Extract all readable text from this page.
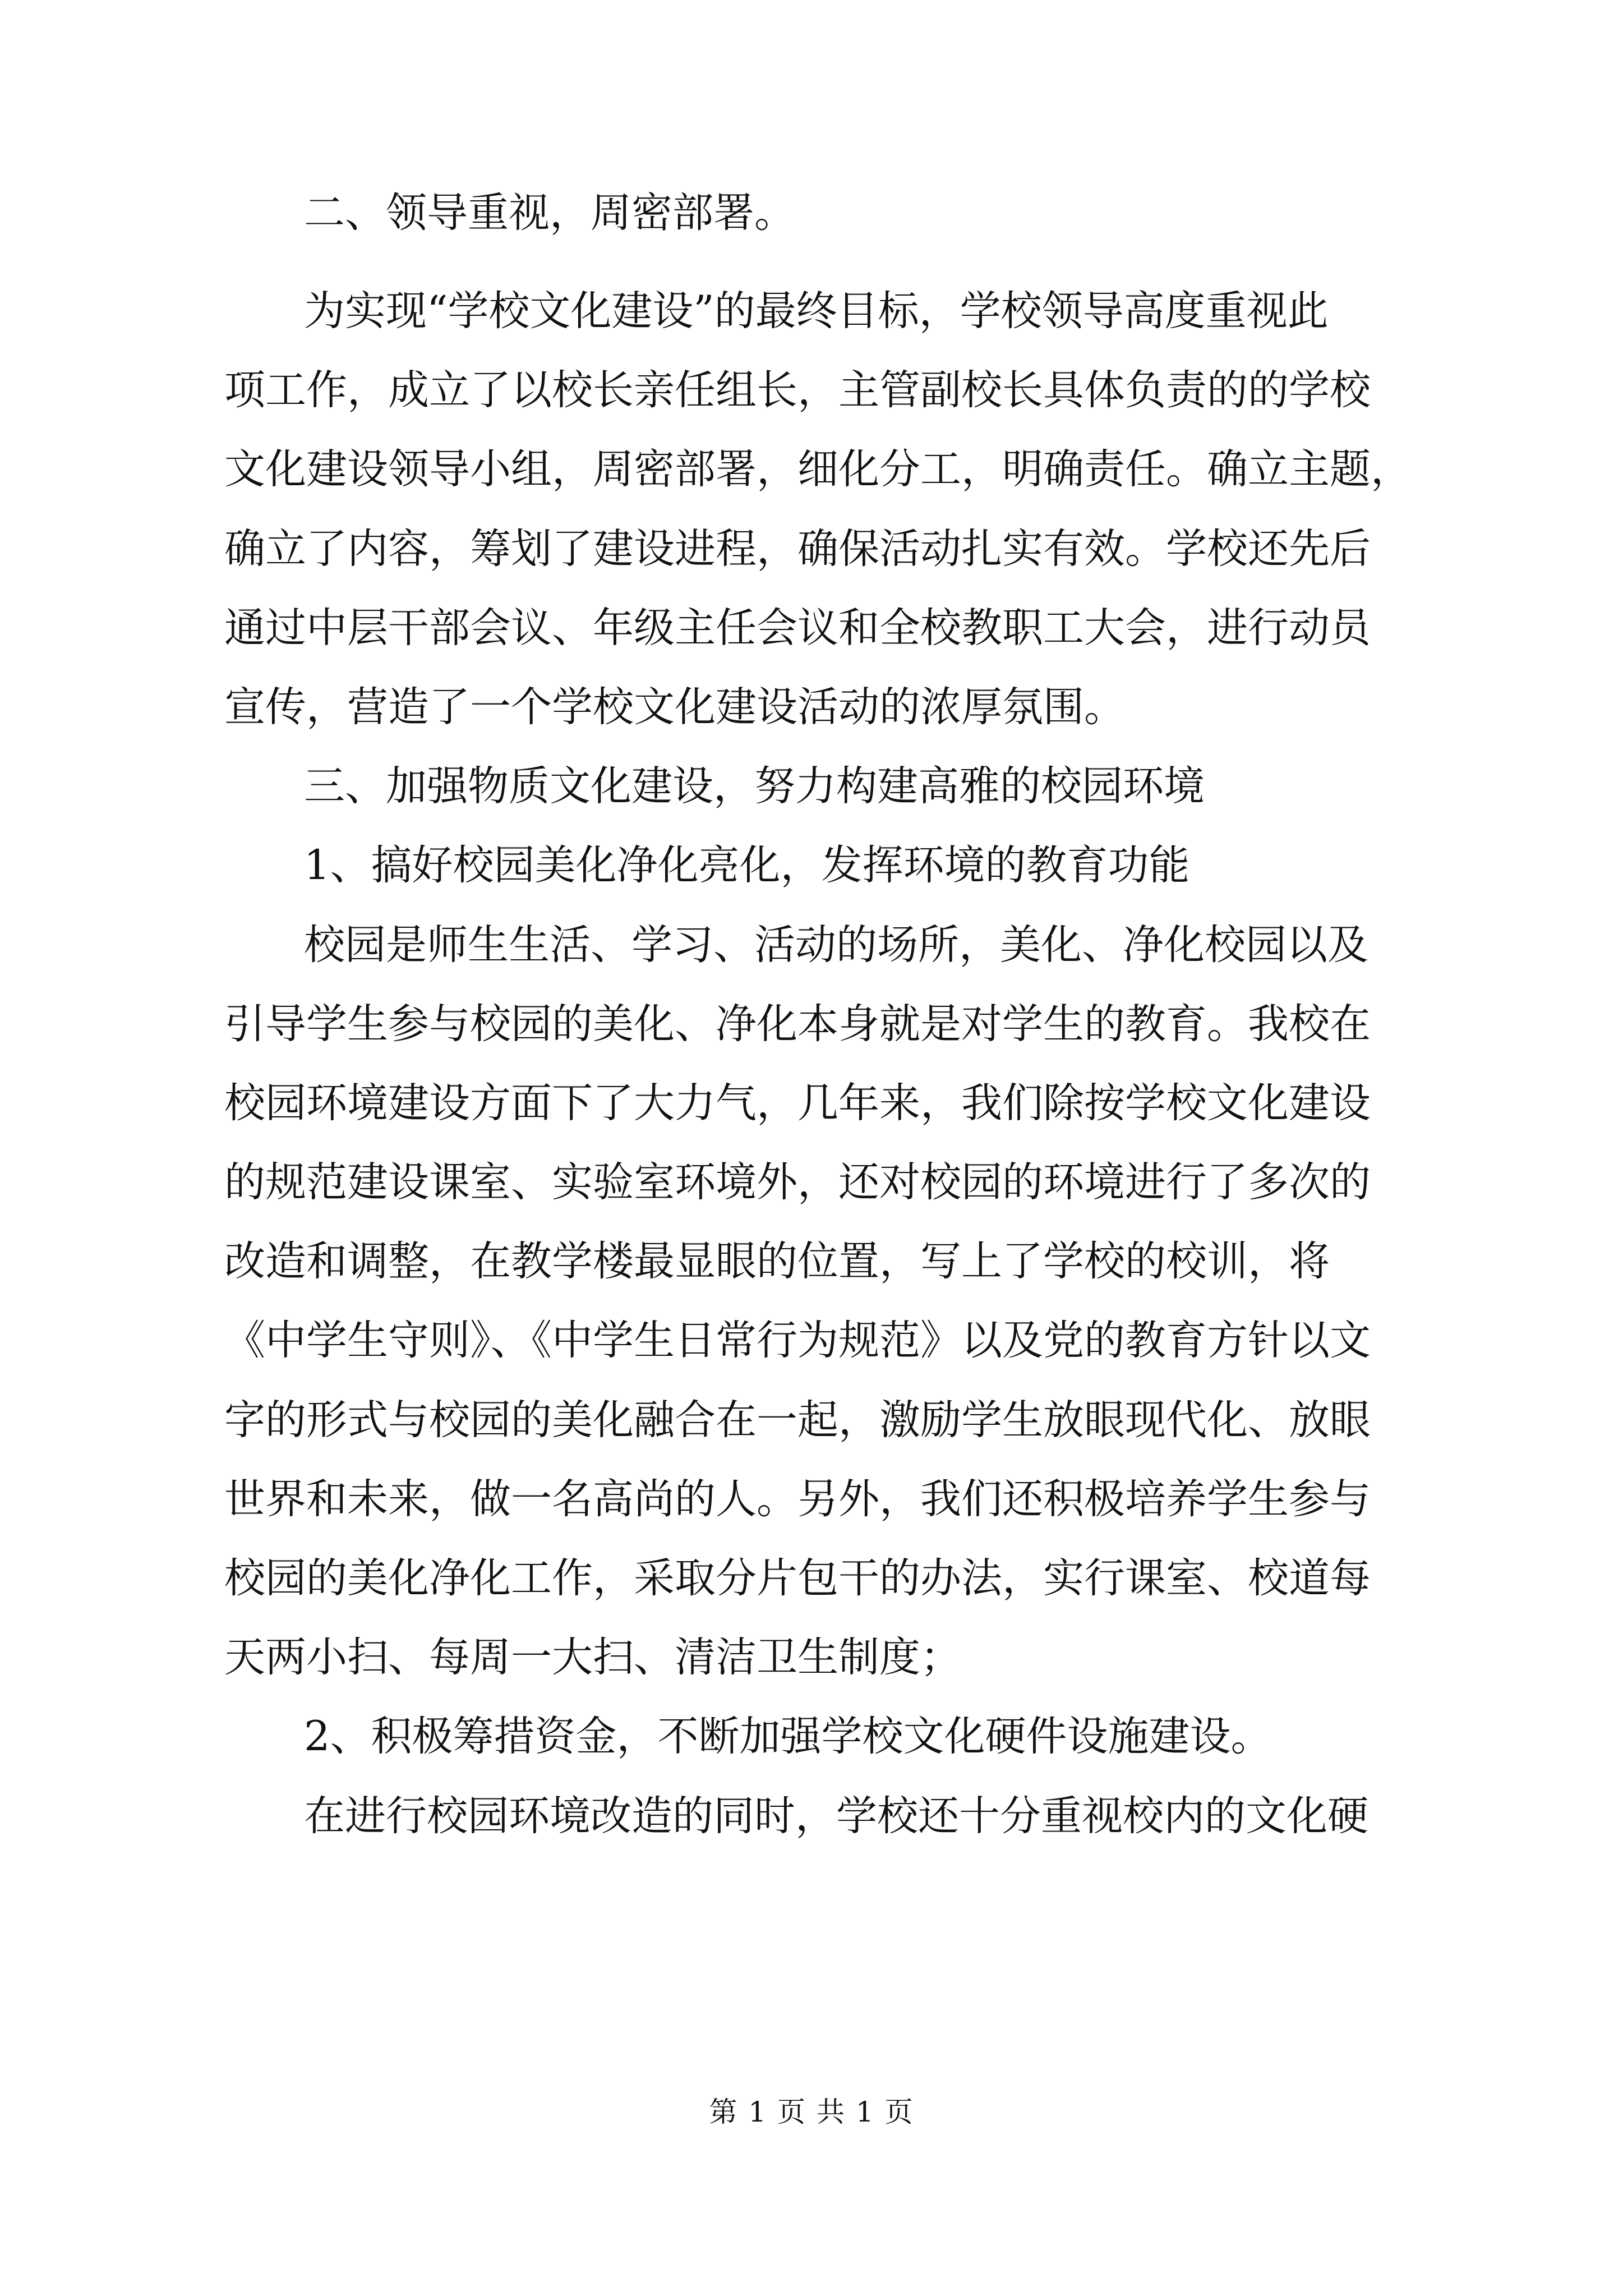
二、领导重视，周密部署。
为实现“学校文化建设”的最终目标，学校领导高度重视此
项工作，成立了以校长亲任组长，主管副校长具体负责的的学校
文化建设领导小组，周密部署，细化分工，明确责任。确立主题，
确立了内容，筹划了建设进程，确保活动扎实有效。学校还先后
通过中层干部会议、年级主任会议和全校教职工大会，进行动员
宣传，营造了一个学校文化建设活动的浓厚氛围。
三、加强物质文化建设，努力构建高雅的校园环境
1、搞好校园美化净化亮化，发挥环境的教育功能
校园是师生生活、学习、活动的场所，美化、净化校园以及
引导学生参与校园的美化、净化本身就是对学生的教育。我校在
校园环境建设方面下了大力气，几年来，我们除按学校文化建设
的规范建设课室、实验室环境外，还对校园的环境进行了多次的
改造和调整，在教学楼最显眼的位置，写上了学校的校训，将
《中学生守则》、《中学生日常行为规范》以及党的教育方针以文
字的形式与校园的美化融合在一起，激励学生放眼现代化、放眼
世界和未来，做一名高尚的人。另外，我们还积极培养学生参与
校园的美化净化工作，采取分片包干的办法，实行课室、校道每
天两小扫、每周一大扫、清洁卫生制度；
2、积极筹措资金，不断加强学校文化硬件设施建设。
在进行校园环境改造的同时，学校还十分重视校内的文化硬
第 1 页 共 1 页
